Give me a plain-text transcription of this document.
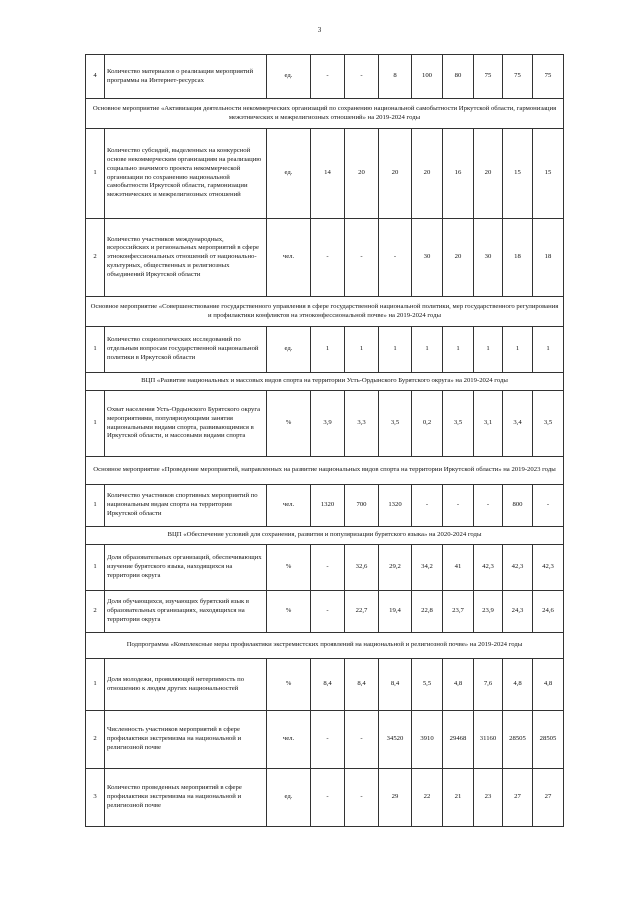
3
4	Количество материалов о реализации мероприятий программы на Интернет-ресурсах	ед.	-	-	8	100	80	75	75	75
Основное мероприятие «Активизация деятельности некоммерческих организаций по сохранению национальной самобытности Иркутской области, гармонизация межэтнических и межрелигиозных отношений» на 2019-2024 годы										
1	Количество субсидий, выделенных на конкурсной основе некоммерческим организациям на реализацию социально значимого проекта некоммерческой организации по сохранению национальной самобытности Иркутской области, гармонизации межэтнических и межрелигиозных отношений	ед.	14	20	20	20	16	20	15	15
2	Количество участников международных, всероссийских и региональных мероприятий в сфере этноконфессиональных отношений от национально-культурных, общественных и религиозных объединений Иркутской области	чел.	-	-	-	30	20	30	18	18
Основное мероприятие «Совершенствование государственного управления в сфере государственной национальной политики, мер государственного регулирования и профилактики конфликтов на этноконфессиональной почве» на 2019-2024 годы										
1	Количество социологических исследований по отдельным вопросам государственной национальной политики в Иркутской области	ед.	1	1	1	1	1	1	1	1
ВЦП «Развитие национальных и массовых видов спорта на территории Усть-Ордынского Бурятского округа» на 2019-2024 годы										
1	Охват населения Усть-Ордынского Бурятского округа мероприятиями, популяризующими занятия национальными видами спорта, развивающимися в Иркутской области, и массовыми видами спорта	%	3,9	3,3	3,5	0,2	3,5	3,1	3,4	3,5
Основное мероприятие «Проведение мероприятий, направленных на развитие национальных видов спорта на территории Иркутской области» на 2019-2023 годы										
1	Количество участников спортивных мероприятий по национальным видам спорта на территории Иркутской области	чел.	1320	700	1320	-	-	-	800	-
ВЦП «Обеспечение условий для сохранения, развития и популяризации бурятского языка» на 2020-2024 годы										
1	Доля образовательных организаций, обеспечивающих изучение бурятского языка, находящихся на территории округа	%	-	32,6	29,2	34,2	41	42,3	42,3	42,3
2	Доля обучающихся, изучающих бурятский язык в образовательных организациях, находящихся на территории округа	%	-	22,7	19,4	22,8	23,7	23,9	24,3	24,6
Подпрограмма «Комплексные меры профилактики экстремистских проявлений на национальной и религиозной почве» на 2019-2024 годы										
1	Доля молодежи, проявляющей нетерпимость по отношению к людям других национальностей	%	8,4	8,4	8,4	5,5	4,8	7,6	4,8	4,8
2	Численность участников мероприятий в сфере профилактики экстремизма на национальной и религиозной почве	чел.	-	-	34520	3910	29468	31160	28505	28505
3	Количество проведенных мероприятий в сфере профилактики экстремизма на национальной и религиозной почве	ед.	-	-	29	22	21	23	27	27
